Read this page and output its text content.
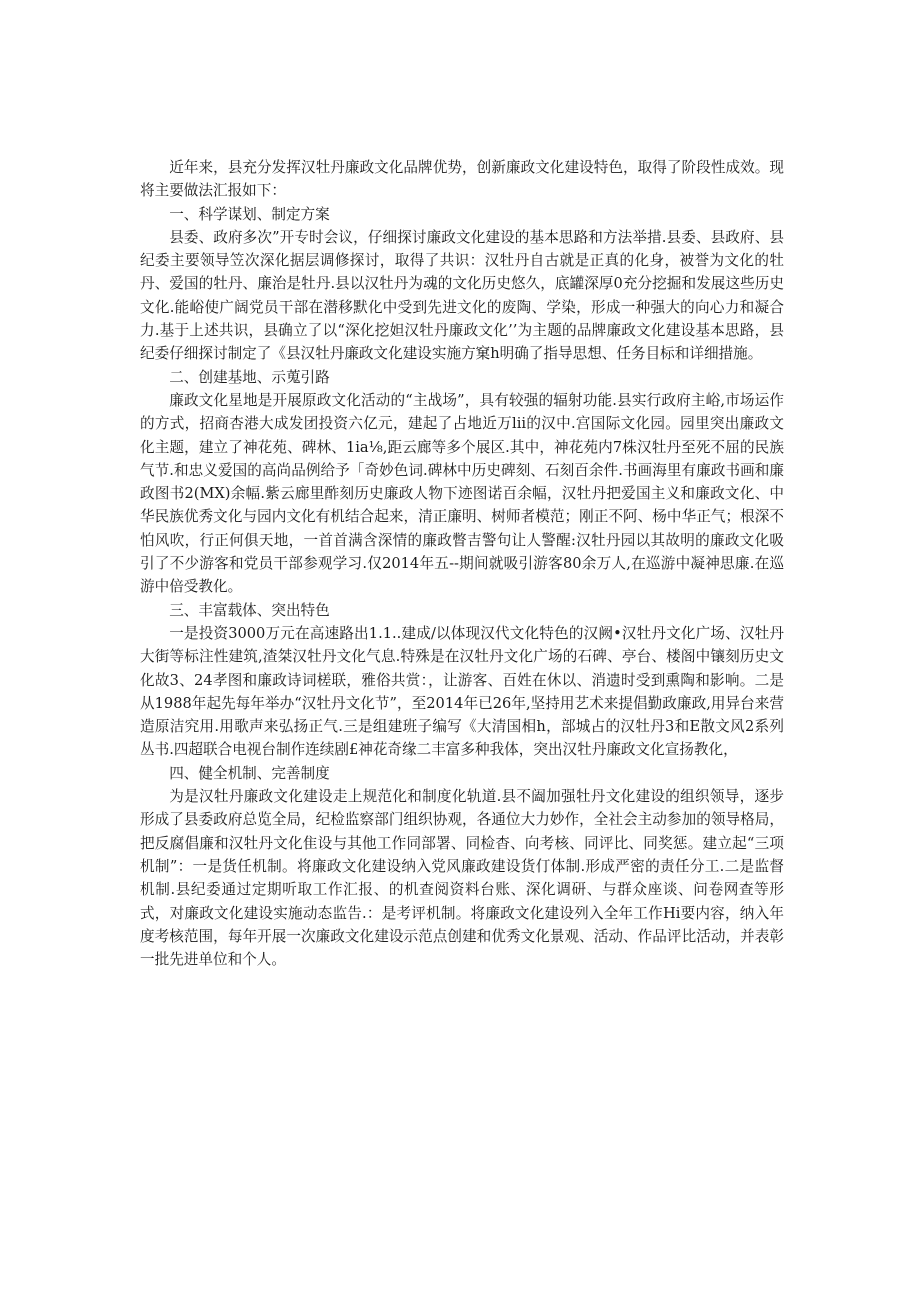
近年来，县充分发挥汉牡丹廉政文化品牌优势，创新廉政文化建设特色，取得了阶段性成效。现将主要做法汇报如下：

一、科学谋划、制定方案

县委、政府多次”开专时会议，仔细探讨廉政文化建设的基本思路和方法举措.县委、县政府、县纪委主要领导笠次深化据层调修探讨，取得了共识：汉牡丹自古就是正真的化身，被誉为文化的牡丹、爱国的牡丹、廉治是牡丹.县以汉牡丹为魂的文化历史悠久，底罐深厚0充分挖掘和发展这些历史文化.能峪使广阔党员干部在潜移默化中受到先进文化的废陶、学染，形成一种强大的向心力和凝合力.基于上述共识，县确立了以“深化挖妲汉牡丹廉政文化’’为主题的品牌廉政文化建设基本思路，县纪委仔细探讨制定了《县汉牡丹廉政文化建设实施方窠h明确了指导思想、任务目标和详细措施。

二、创建基地、示蒐引路

廉政文化星地是开展原政文化活动的“主战场”，具有较强的辐射功能.县实行政府主峪,市场运作的方式，招商杏港大成发团投资六亿元，建起了占地近万lii的汉中.宫国际文化园。园里突出廉政文化主题，建立了神花苑、碑林、1ia⅛,距云廊等多个展区.其中，神花苑内7株汉牡丹至死不屈的民族气节.和忠义爱国的高尚品例给予「奇妙色词.碑林中历史碑刻、石刻百余件.书画海里有廉政书画和廉政图书2(MX)余幅.紫云廊里酢刻历史廉政人物下迹图诺百余幅，汉牡丹把爱国主义和廉政文化、中华民族优秀文化与园内文化有机结合起来，清正廉明、树师者模范；刚正不阿、杨中华正气；根深不怕风吹，行正何俱天地，一首首满含深情的廉政瞥吉警句让人警醒:汉牡丹园以其故明的廉政文化吸引了不少游客和党员干部参观学习.仅2014年五--期间就吸引游客80余万人,在巡游中凝神思廉.在巡游中倍受教化。

三、丰富载体、突出特色

一是投资3000万元在高速路出1.1..建成/以体现汉代文化特色的汉阙•汉牡丹文化广场、汉牡丹大街等标注性建筑,渣桀汉牡丹文化气息.特殊是在汉牡丹文化广场的石碑、亭台、楼阁中镶刻历史文化故3、24孝图和廉政诗词槎联，雅俗共赏：，让游客、百姓在休以、消遗时受到熏陶和影响。二是从1988年起先每年举办“汉牡丹文化节”，至2014年已26年,坚持用艺术来提倡勤政廉政,用异台来营造原洁究用.用歌声来弘扬正气.三是组建班子编写《大清国相h，部城占的汉牡丹3和E散文风2系列丛书.四超联合电视台制作连续剧£神花奇缘二丰富多种我体，突出汉牡丹廉政文化宣扬教化，

四、健全机制、完善制度

为是汉牡丹廉政文化建设走上规范化和制度化轨道.县不阖加强牡丹文化建设的组织领导，逐步形成了县委政府总览全局，纪检监察部门组织协观，各通位大力妙作，全社会主动参加的领导格局，把反腐倡廉和汉牡丹文化隹设与其他工作同部署、同检杳、向考核、同评比、同奖惩。建立起“三项机制”：一是货任机制。将廉政文化建设纳入党风廉政建设货仃体制.形成严密的责任分工.二是监督机制.县纪委通过定期听取工作汇报、的机查阅资料台账、深化调研、与群众座谈、问卷网查等形式，对廉政文化建设实施动态监告.：是考评机制。将廉政文化建设列入全年工作Hi要内容，纳入年度考核范围，每年开展一次廉政文化建设示范点创建和优秀文化景观、活动、作品评比活动，并表彰一批先进单位和个人。
